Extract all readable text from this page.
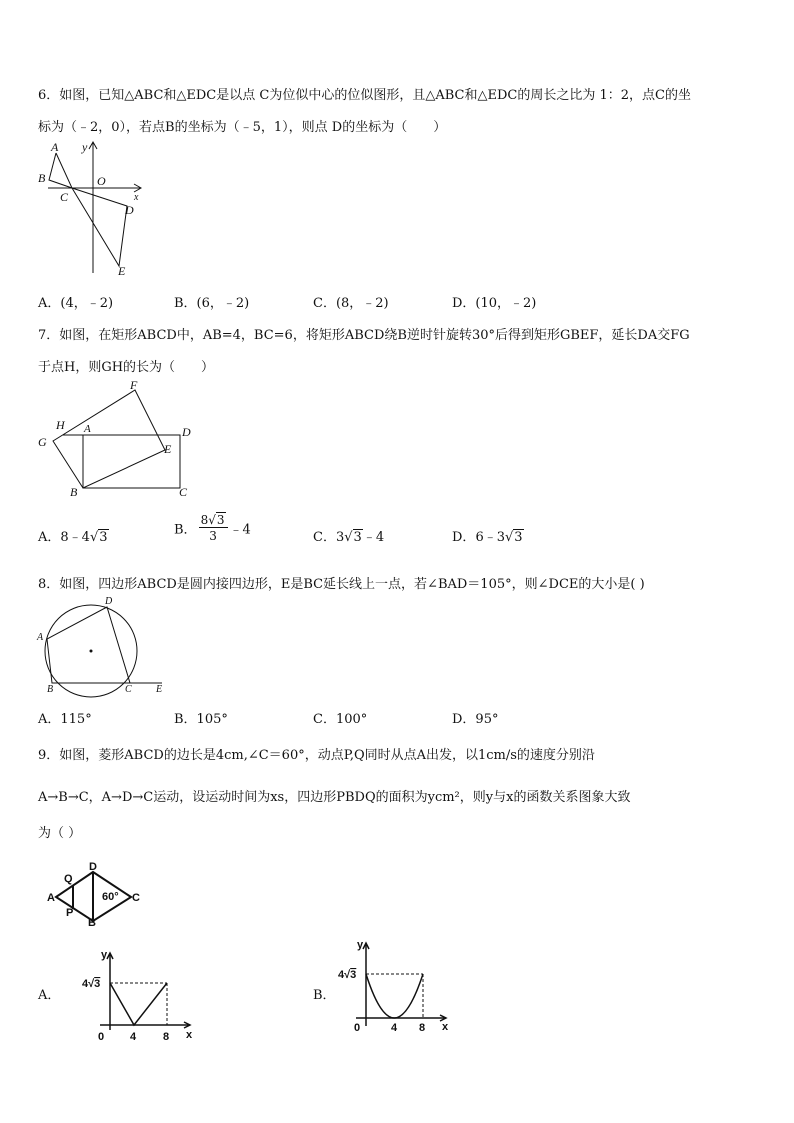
6．如图，已知△ABC和△EDC是以点 C为位似中心的位似图形，且△ABC和△EDC的周长之比为 1：2，点C的坐
标为（﹣2，0），若点B的坐标为（﹣5，1），则点 D的坐标为（　　）
A
B
C
O
D
E
y
x
A．(4，﹣2)	B．(6，﹣2)	C．(8，﹣2)	D．(10，﹣2)
7．如图，在矩形ABCD中，AB=4，BC=6，将矩形ABCD绕B逆时针旋转30°后得到矩形GBEF，延长DA交FG
于点H，则GH的长为（　　）
F
H A	D
G	E
B	C
A．8﹣4√3	B． $\frac{8√3}{3}$ ﹣4	C．3√3﹣4	D．6﹣3√3
8．如图，四边形ABCD是圆内接四边形，E是BC延长线上一点，若∠BAD＝105°，则∠DCE的大小是( )
A
B	C
D
E
A．115°	B．105°	C．100°	D．95°
9．如图，菱形ABCD的边长是4cm,∠C＝60°，动点P,Q同时从点A出发，以1cm/s的速度分别沿
A→B→C，A→D→C运动，设运动时间为xs，四边形PBDQ的面积为ycm²，则y与x的函数关系图象大致
为（ ）
Q
D
A
P
B
C
60°
A．
y
x
4√3
0 4 8
B．
y
x
4√3
0	4 8
